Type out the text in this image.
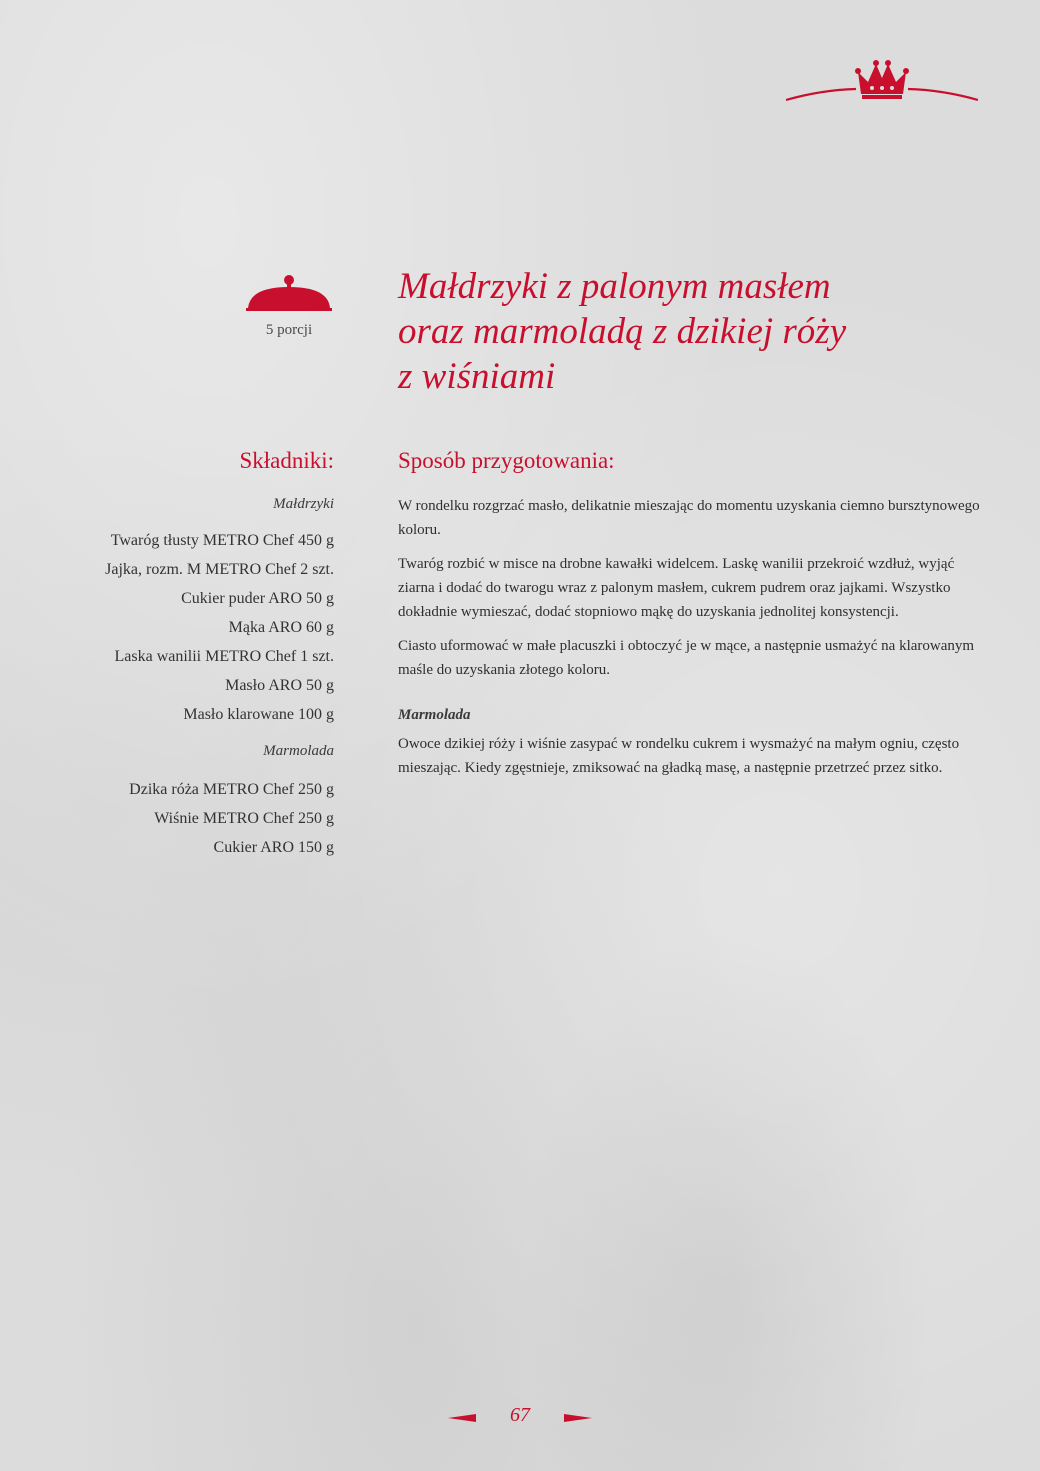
5 porcji
Małdrzyki z palonym masłem
oraz marmoladą z dzikiej róży
z wiśniami
Składniki:
Małdrzyki
Twaróg tłusty METRO Chef 450 g
Jajka, rozm. M METRO Chef 2 szt.
Cukier puder ARO 50 g
Mąka ARO 60 g
Laska wanilii METRO Chef 1 szt.
Masło ARO 50 g
Masło klarowane 100 g
Marmolada
Dzika róża METRO Chef 250 g
Wiśnie METRO Chef 250 g
Cukier ARO 150 g
Sposób przygotowania:

W rondelku rozgrzać masło, delikatnie mieszając do momentu uzyskania ciemno bursztynowego koloru.

Twaróg rozbić w misce na drobne kawałki widelcem. Laskę wanilii przekroić wzdłuż, wyjąć ziarna i dodać do twarogu wraz z palonym masłem, cukrem pudrem oraz jajkami. Wszystko dokładnie wymieszać, dodać stopniowo mąkę do uzyskania jednolitej konsystencji.

Ciasto uformować w małe placuszki i obtoczyć je w mące, a następnie usmażyć na klarowanym maśle do uzyskania złotego koloru.

Marmolada

Owoce dzikiej róży i wiśnie zasypać w rondelku cukrem i wysmażyć na małym ogniu, często mieszając. Kiedy zgęstnieje, zmiksować na gładką masę, a następnie przetrzeć przez sitko.

67
